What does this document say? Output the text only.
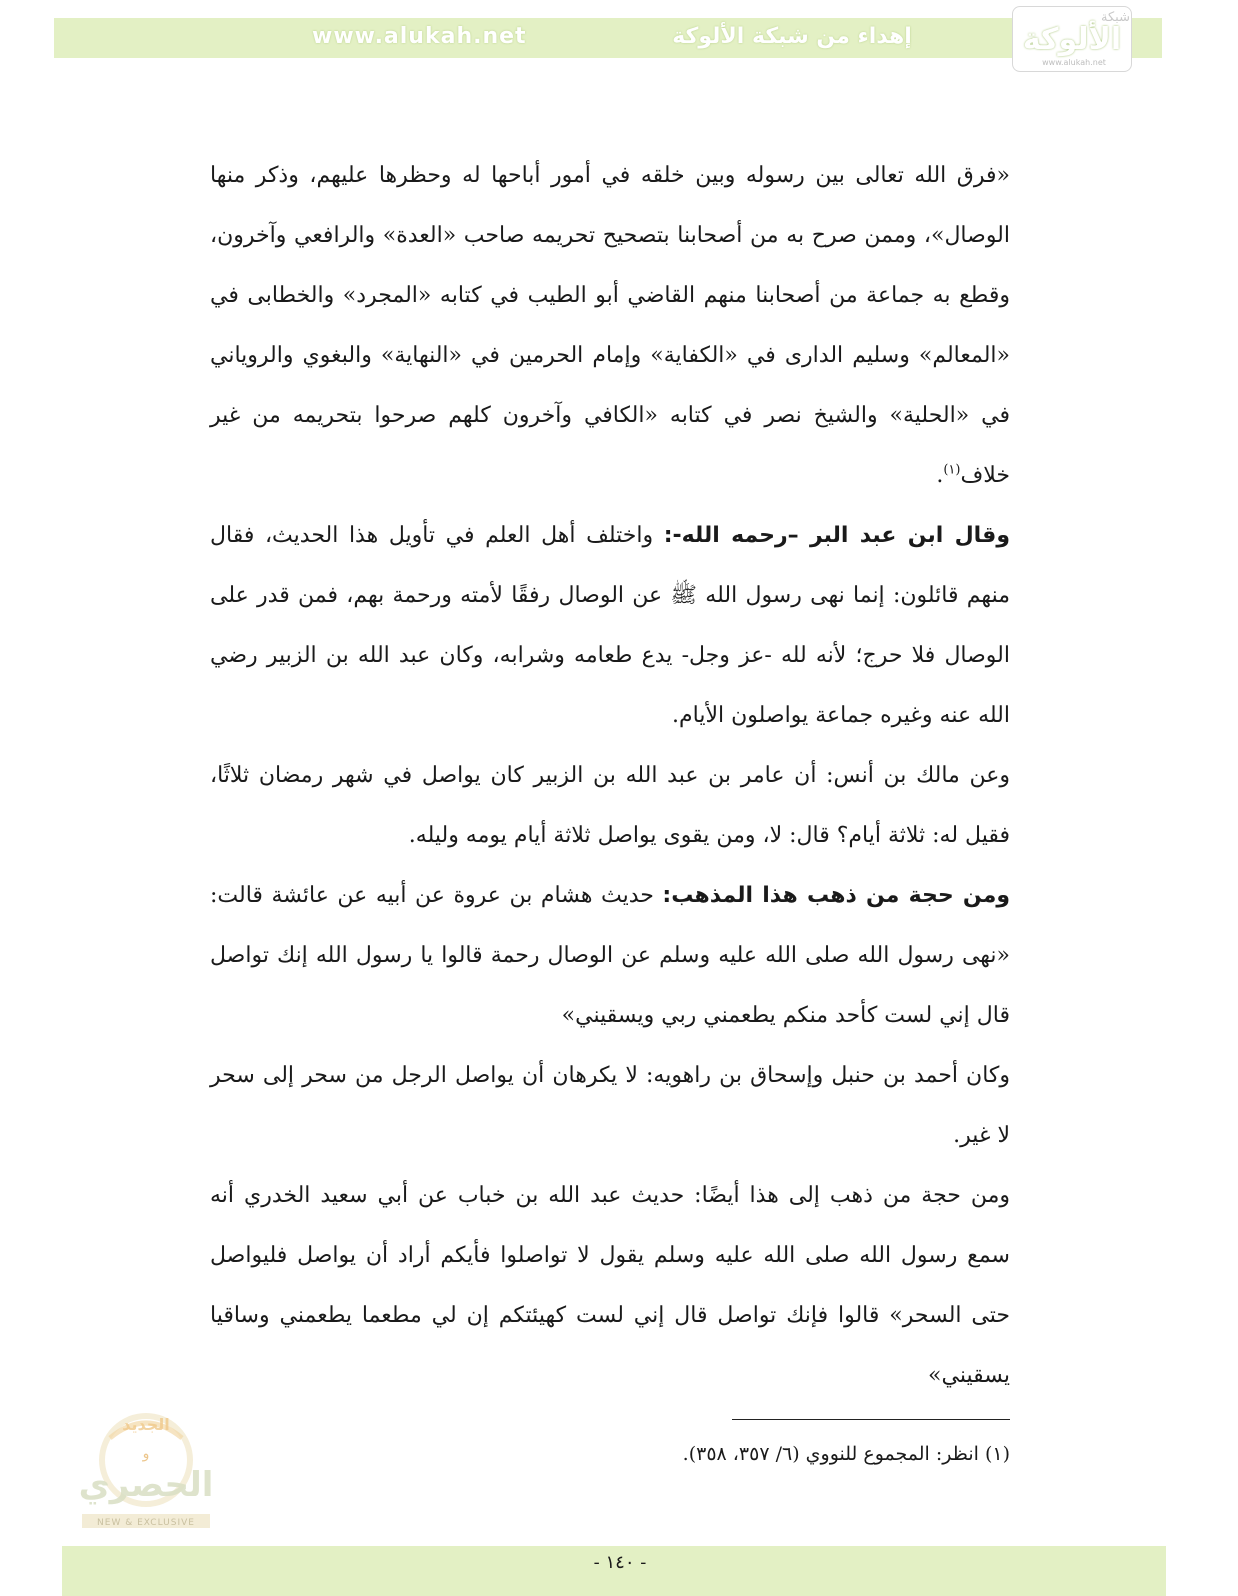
www.alukah.net	إهداء من شبكة الألوكة
شبكة
الألوكة
www.alukah.net

«فرق الله تعالى بين رسوله وبين خلقه في أمور أباحها له وحظرها عليهم، وذكر منها الوصال»، وممن صرح به من أصحابنا بتصحيح تحريمه صاحب «العدة» والرافعي وآخرون، وقطع به جماعة من أصحابنا منهم القاضي أبو الطيب في كتابه «المجرد» والخطابى في «المعالم» وسليم الدارى في «الكفاية» وإمام الحرمين في «النهاية» والبغوي والروياني في «الحلية» والشيخ نصر في كتابه «الكافي وآخرون كلهم صرحوا بتحريمه من غير خلاف$^{(١)}$.

وقال ابن عبد البر –رحمه الله-: واختلف أهل العلم في تأويل هذا الحديث، فقال منهم قائلون: إنما نهى رسول الله ﷺ عن الوصال رفقًا لأمته ورحمة بهم، فمن قدر على الوصال فلا حرج؛ لأنه لله -عز وجل- يدع طعامه وشرابه، وكان عبد الله بن الزبير رضي الله عنه وغيره جماعة يواصلون الأيام.

وعن مالك بن أنس: أن عامر بن عبد الله بن الزبير كان يواصل في شهر رمضان ثلاثًا، فقيل له: ثلاثة أيام؟ قال: لا، ومن يقوى يواصل ثلاثة أيام يومه وليله.

ومن حجة من ذهب هذا المذهب: حديث هشام بن عروة عن أبيه عن عائشة قالت: «نهى رسول الله صلى الله عليه وسلم عن الوصال رحمة قالوا يا رسول الله إنك تواصل قال إني لست كأحد منكم يطعمني ربي ويسقيني»

وكان أحمد بن حنبل وإسحاق بن راهويه: لا يكرهان أن يواصل الرجل من سحر إلى سحر لا غير.

ومن حجة من ذهب إلى هذا أيضًا: حديث عبد الله بن خباب عن أبي سعيد الخدري أنه سمع رسول الله صلى الله عليه وسلم يقول لا تواصلوا فأيكم أراد أن يواصل فليواصل حتى السحر» قالوا فإنك تواصل قال إني لست كهيئتكم إن لي مطعما يطعمني وساقيا يسقيني»

(١) انظر: المجموع للنووي (٦/ ٣٥٧، ٣٥٨).
- ١٤٠ -
الجديد
و
الحصري
NEW & EXCLUSIVE
